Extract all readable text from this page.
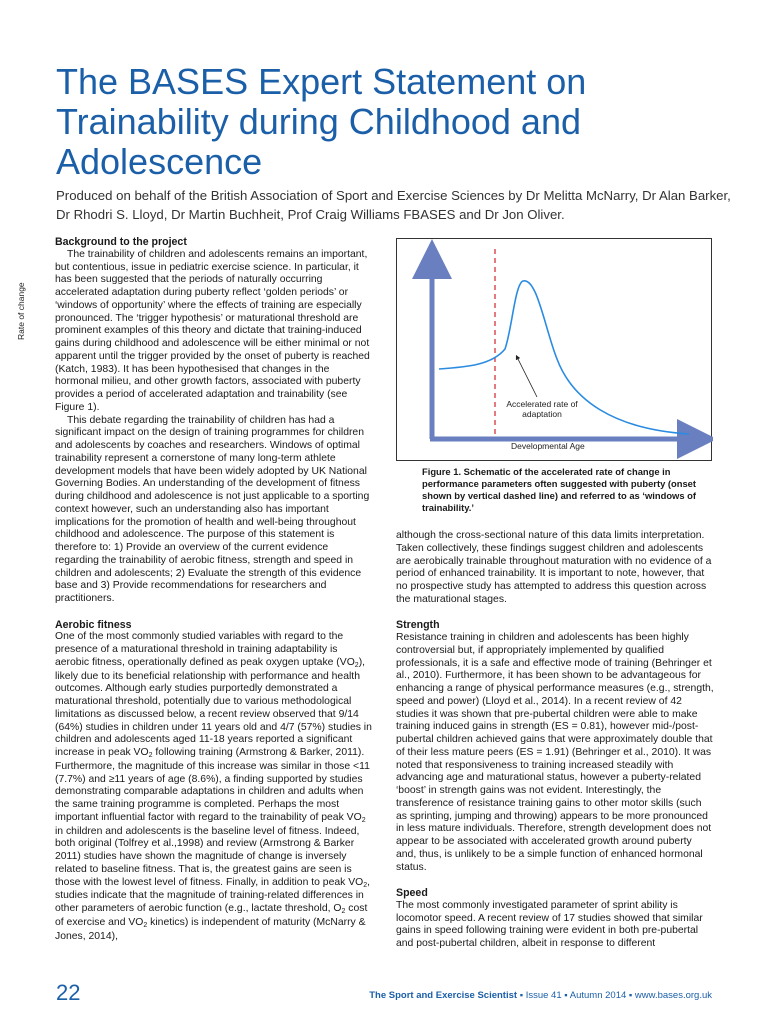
The BASES Expert Statement on Trainability during Childhood and Adolescence

Produced on behalf of the British Association of Sport and Exercise Sciences by Dr Melitta McNarry, Dr Alan Barker, Dr Rhodri S. Lloyd, Dr Martin Buchheit, Prof Craig Williams FBASES and Dr Jon Oliver.

Background to the project

The trainability of children and adolescents remains an important, but contentious, issue in pediatric exercise science. In particular, it has been suggested that the periods of naturally occurring accelerated adaptation during puberty reflect ‘golden periods’ or ‘windows of opportunity’ where the effects of training are especially pronounced. The ‘trigger hypothesis’ or maturational threshold are prominent examples of this theory and dictate that training-induced gains during childhood and adolescence will be either minimal or not apparent until the trigger provided by the onset of puberty is reached (Katch, 1983). It has been hypothesised that changes in the hormonal milieu, and other growth factors, associated with puberty provides a period of accelerated adaptation and trainability (see Figure 1).

This debate regarding the trainability of children has had a significant impact on the design of training programmes for children and adolescents by coaches and researchers. Windows of optimal trainability represent a cornerstone of many long-term athlete development models that have been widely adopted by UK National Governing Bodies. An understanding of the development of fitness during childhood and adolescence is not just applicable to a sporting context however, such an understanding also has important implications for the promotion of health and well-being throughout childhood and adolescence. The purpose of this statement is therefore to: 1) Provide an overview of the current evidence regarding the trainability of aerobic fitness, strength and speed in children and adolescents; 2) Evaluate the strength of this evidence base and 3) Provide recommendations for researchers and practitioners.

Aerobic fitness

One of the most commonly studied variables with regard to the presence of a maturational threshold in training adaptability is aerobic fitness, operationally defined as peak oxygen uptake $(VO_2)$, likely due to its beneficial relationship with performance and health outcomes. Although early studies purportedly demonstrated a maturational threshold, potentially due to various methodological limitations as discussed below, a recent review observed that 9/14 (64%) studies in children under 11 years old and 4/7 (57%) studies in children and adolescents aged 11-18 years reported a significant increase in peak $VO_2$ following training (Armstrong & Barker, 2011). Furthermore, the magnitude of this increase was similar in those <11 (7.7%) and ≥11 years of age (8.6%), a finding supported by studies demonstrating comparable adaptations in children and adults when the same training programme is completed. Perhaps the most important influential factor with regard to the trainability of peak $VO_2$ in children and adolescents is the baseline level of fitness. Indeed, both original (Tolfrey et al.,1998) and review (Armstrong & Barker 2011) studies have shown the magnitude of change is inversely related to baseline fitness. That is, the greatest gains are seen is those with the lowest level of fitness. Finally, in addition to peak $VO_2$, studies indicate that the magnitude of training-related differences in other parameters of aerobic function (e.g., lactate threshold, $O_2$ cost of exercise and $VO_2$ kinetics) is independent of maturity (McNarry & Jones, 2014),

Rate of change
Developmental Age
Accelerated rate of adaptation

Figure 1. Schematic of the accelerated rate of change in performance parameters often suggested with puberty (onset shown by vertical dashed line) and referred to as ‘windows of trainability.’

although the cross-sectional nature of this data limits interpretation. Taken collectively, these findings suggest children and adolescents are aerobically trainable throughout maturation with no evidence of a period of enhanced trainability. It is important to note, however, that no prospective study has attempted to address this question across the maturational stages.

Strength

Resistance training in children and adolescents has been highly controversial but, if appropriately implemented by qualified professionals, it is a safe and effective mode of training (Behringer et al., 2010). Furthermore, it has been shown to be advantageous for enhancing a range of physical performance measures (e.g., strength, speed and power) (Lloyd et al., 2014). In a recent review of 42 studies it was shown that pre-pubertal children were able to make training induced gains in strength (ES = 0.81), however mid-/post-pubertal children achieved gains that were approximately double that of their less mature peers (ES = 1.91) (Behringer et al., 2010). It was noted that responsiveness to training increased steadily with advancing age and maturational status, however a puberty-related ‘boost’ in strength gains was not evident. Interestingly, the transference of resistance training gains to other motor skills (such as sprinting, jumping and throwing) appears to be more pronounced in less mature individuals. Therefore, strength development does not appear to be associated with accelerated growth around puberty and, thus, is unlikely to be a simple function of enhanced hormonal status.

Speed

The most commonly investigated parameter of sprint ability is locomotor speed. A recent review of 17 studies showed that similar gains in speed following training were evident in both pre-pubertal and post-pubertal children, albeit in response to different

22	The Sport and Exercise Scientist ▪ Issue 41 ▪ Autumn 2014 ▪ www.bases.org.uk
